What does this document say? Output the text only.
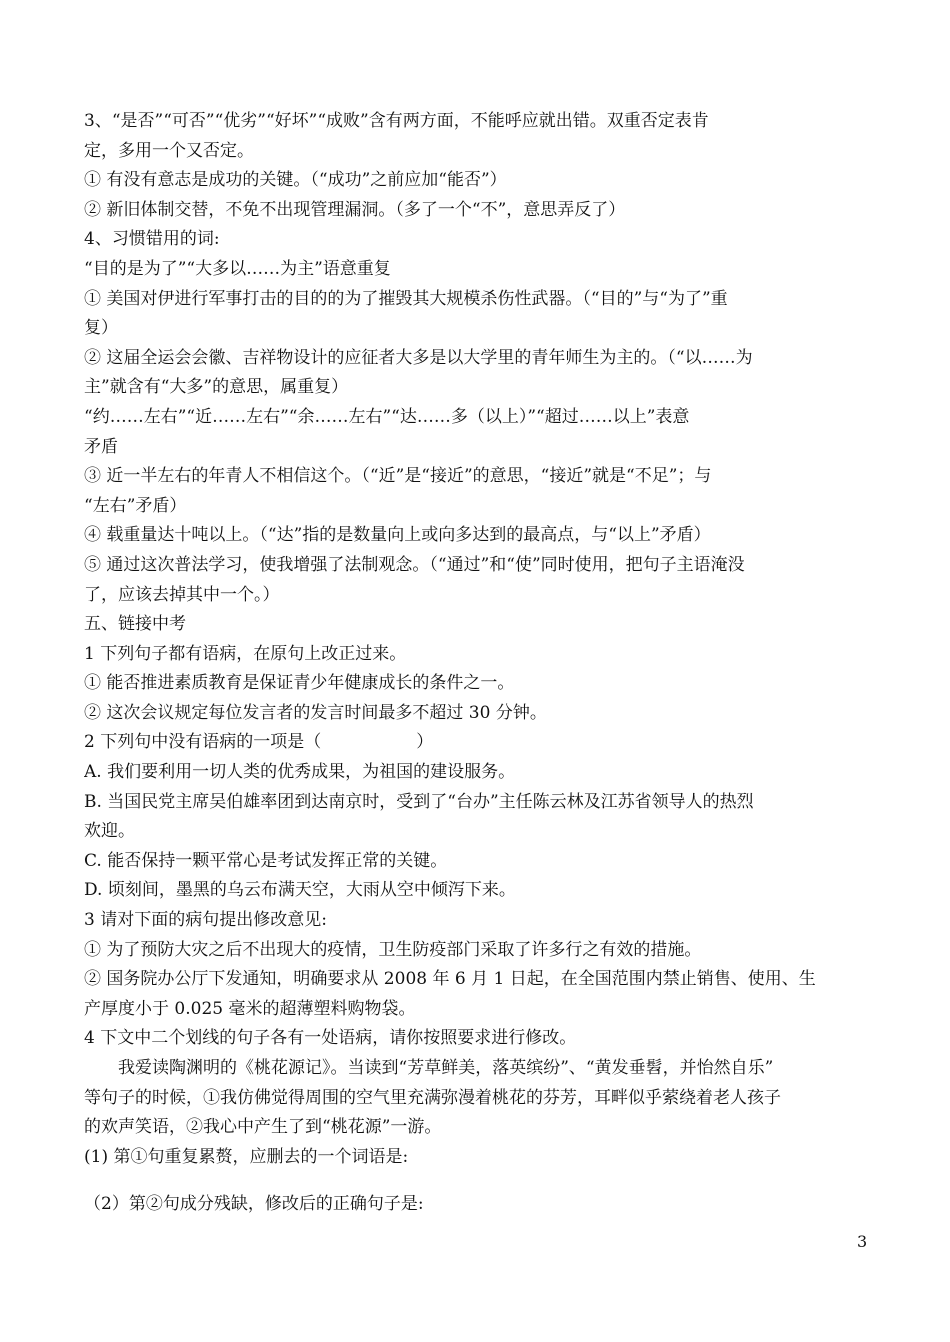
3、“是否”“可否”“优劣”“好坏”“成败”含有两方面，不能呼应就出错。双重否定表肯
定，多用一个又否定。
① 有没有意志是成功的关键。（“成功”之前应加“能否”）
② 新旧体制交替，不免不出现管理漏洞。（多了一个“不”，意思弄反了）
4、习惯错用的词:
“目的是为了”“大多以……为主”语意重复
① 美国对伊进行军事打击的目的的为了摧毁其大规模杀伤性武器。（“目的”与“为了”重
复）
② 这届全运会会徽、吉祥物设计的应征者大多是以大学里的青年师生为主的。（“以……为
主”就含有“大多”的意思，属重复）
“约……左右”“近……左右”“余……左右”“达……多（以上）”“超过……以上”表意
矛盾
③ 近一半左右的年青人不相信这个。（“近”是“接近”的意思，“接近”就是“不足”；与
“左右”矛盾）
④ 载重量达十吨以上。（“达”指的是数量向上或向多达到的最高点，与“以上”矛盾）
⑤ 通过这次普法学习，使我增强了法制观念。（“通过”和“使”同时使用，把句子主语淹没
了，应该去掉其中一个。）
五、链接中考
1 下列句子都有语病，在原句上改正过来。
① 能否推进素质教育是保证青少年健康成长的条件之一。
② 这次会议规定每位发言者的发言时间最多不超过 30 分钟。
2 下列句中没有语病的一项是（	）
A. 我们要利用一切人类的优秀成果，为祖国的建设服务。
B. 当国民党主席吴伯雄率团到达南京时，受到了“台办”主任陈云林及江苏省领导人的热烈
欢迎。
C. 能否保持一颗平常心是考试发挥正常的关键。
D. 顷刻间，墨黑的乌云布满天空，大雨从空中倾泻下来。
3 请对下面的病句提出修改意见:
① 为了预防大灾之后不出现大的疫情，卫生防疫部门采取了许多行之有效的措施。
② 国务院办公厅下发通知，明确要求从 2008 年 6 月 1 日起，在全国范围内禁止销售、使用、生
产厚度小于 0.025 毫米的超薄塑料购物袋。
4 下文中二个划线的句子各有一处语病，请你按照要求进行修改。
我爱读陶渊明的《桃花源记》。当读到“芳草鲜美，落英缤纷”、“黄发垂髫，并怡然自乐”
等句子的时候，①我仿佛觉得周围的空气里充满弥漫着桃花的芬芳，耳畔似乎萦绕着老人孩子
的欢声笑语，②我心中产生了到“桃花源”一游。
(1) 第①句重复累赘，应删去的一个词语是:
（2）第②句成分残缺，修改后的正确句子是:
3
